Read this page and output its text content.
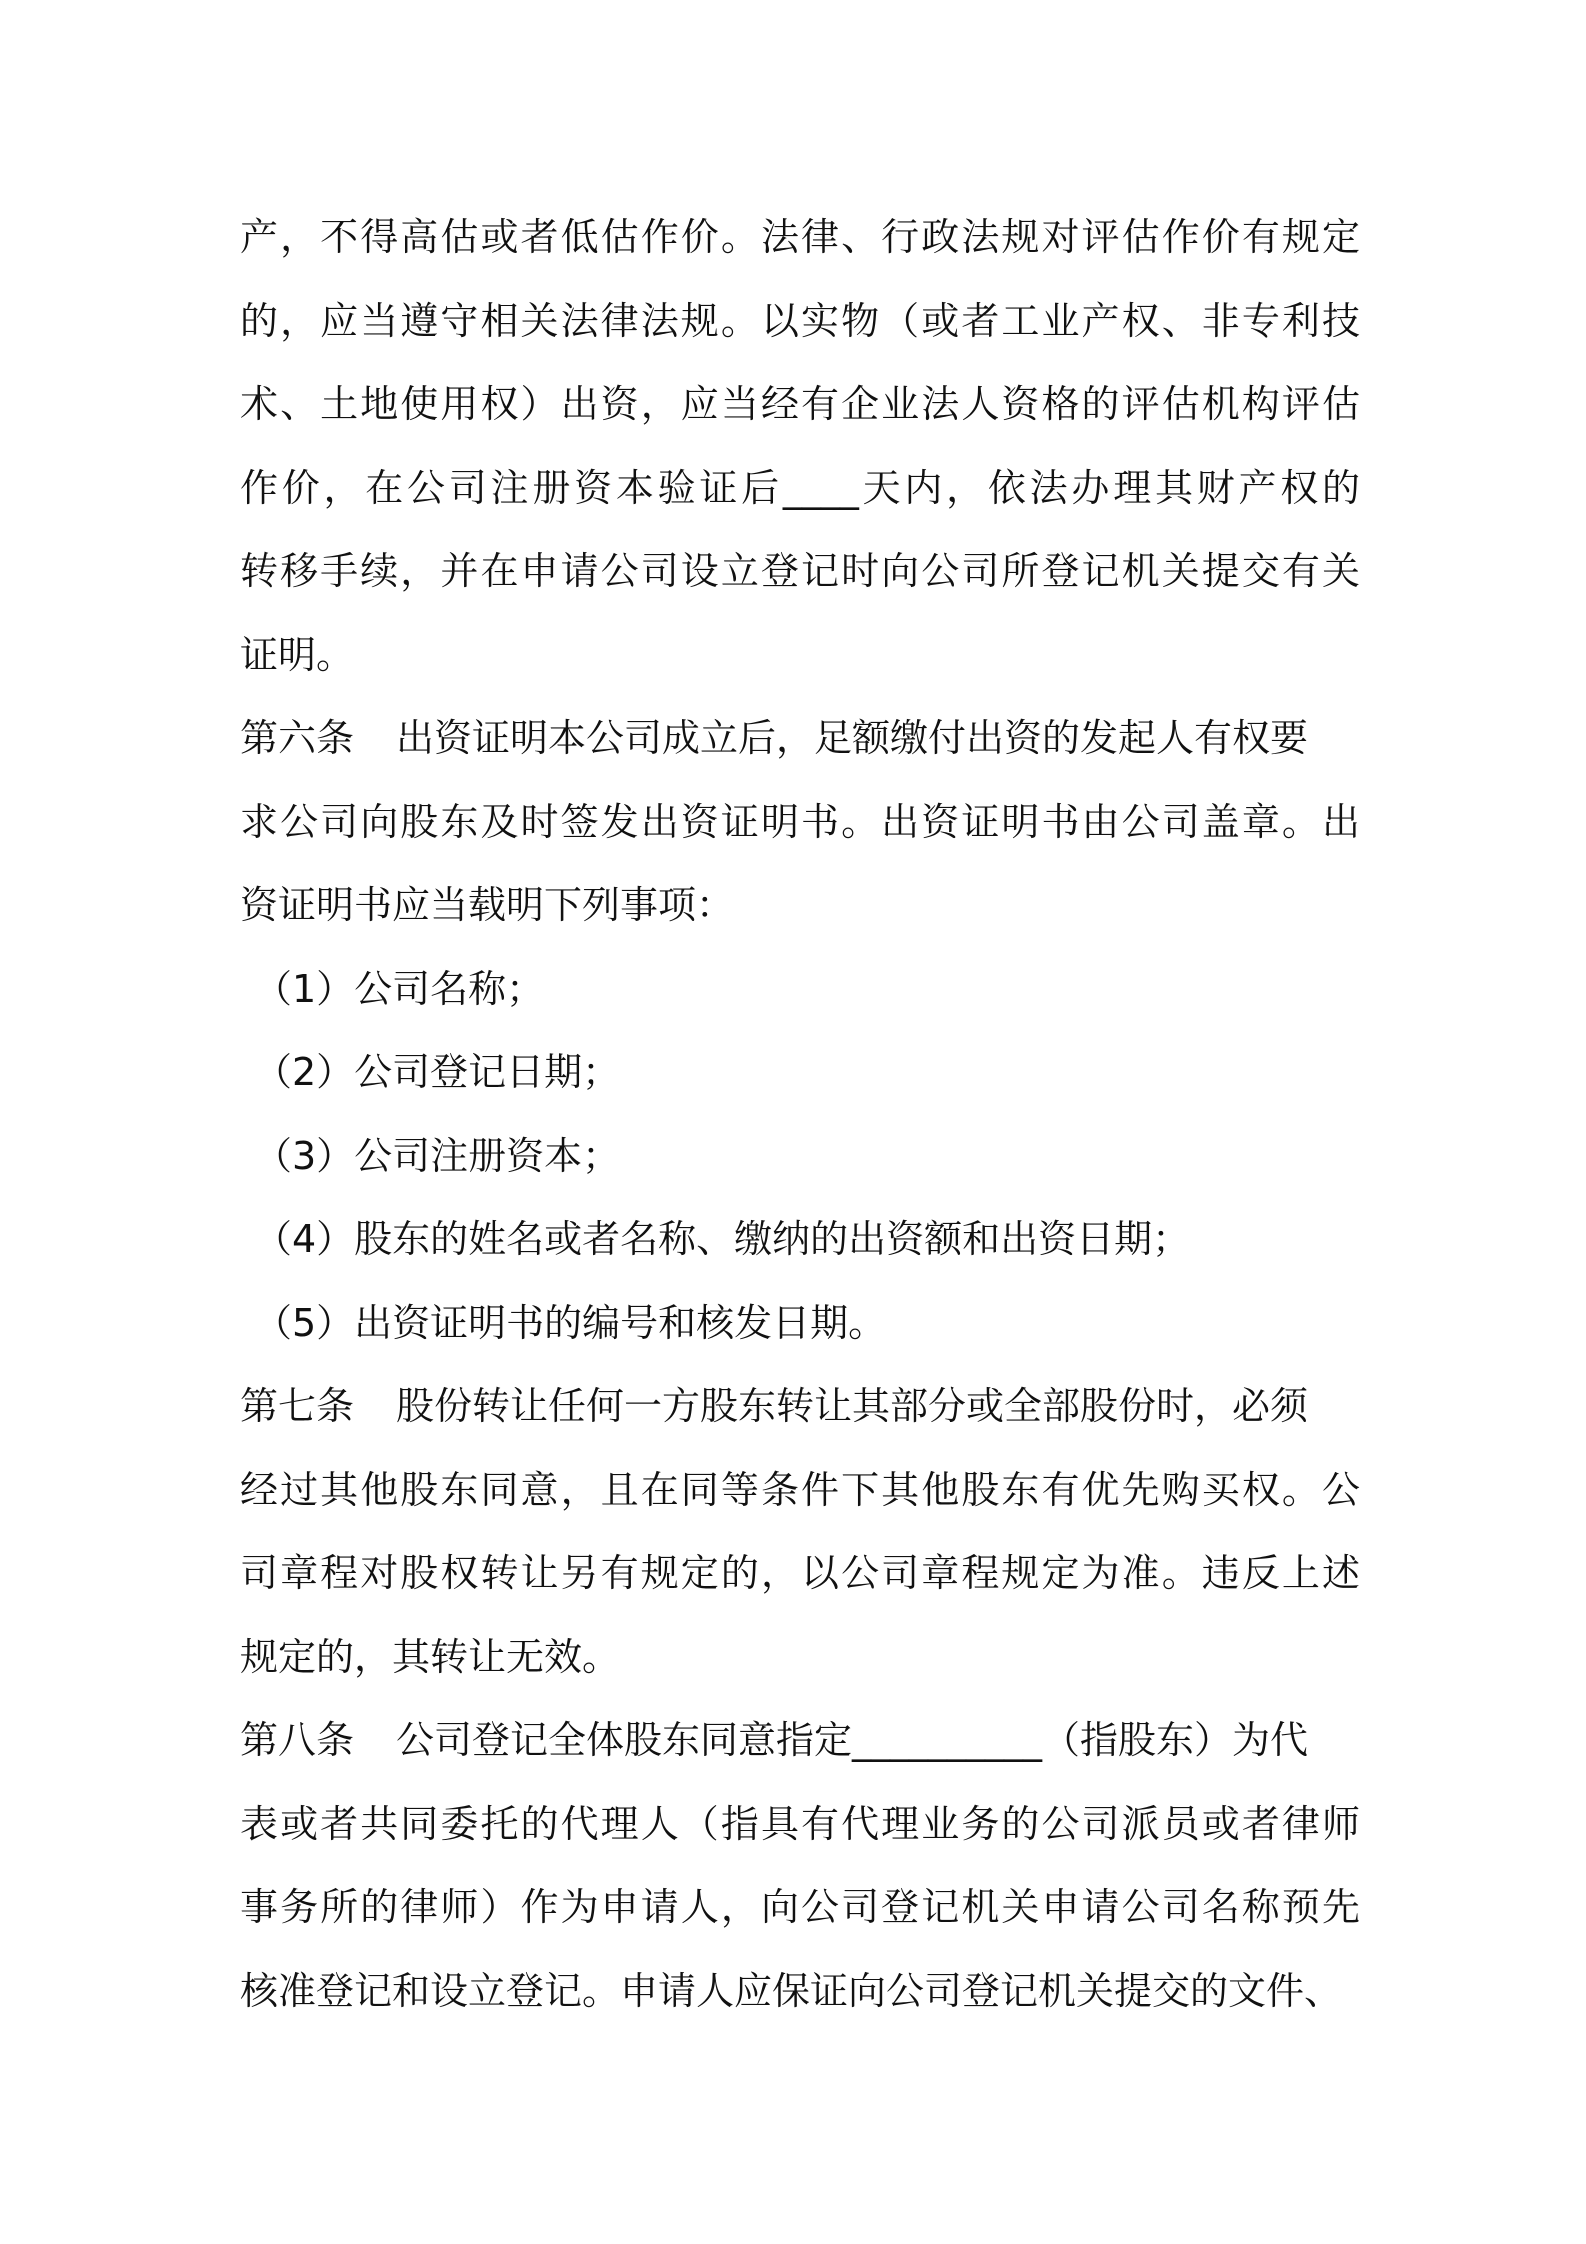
产，不得高估或者低估作价。法律、行政法规对评估作价有规定
的，应当遵守相关法律法规。以实物（或者工业产权、非专利技
术、土地使用权）出资，应当经有企业法人资格的评估机构评估
作价，在公司注册资本验证后____天内，依法办理其财产权的
转移手续，并在申请公司设立登记时向公司所登记机关提交有关
证明。
第六条 出资证明本公司成立后，足额缴付出资的发起人有权要
求公司向股东及时签发出资证明书。出资证明书由公司盖章。出
资证明书应当载明下列事项：
（1）公司名称；
（2）公司登记日期；
（3）公司注册资本；
（4）股东的姓名或者名称、缴纳的出资额和出资日期；
（5）出资证明书的编号和核发日期。
第七条 股份转让任何一方股东转让其部分或全部股份时，必须
经过其他股东同意，且在同等条件下其他股东有优先购买权。公
司章程对股权转让另有规定的，以公司章程规定为准。违反上述
规定的，其转让无效。
第八条 公司登记全体股东同意指定__________（指股东）为代
表或者共同委托的代理人（指具有代理业务的公司派员或者律师
事务所的律师）作为申请人，向公司登记机关申请公司名称预先
核准登记和设立登记。申请人应保证向公司登记机关提交的文件、
